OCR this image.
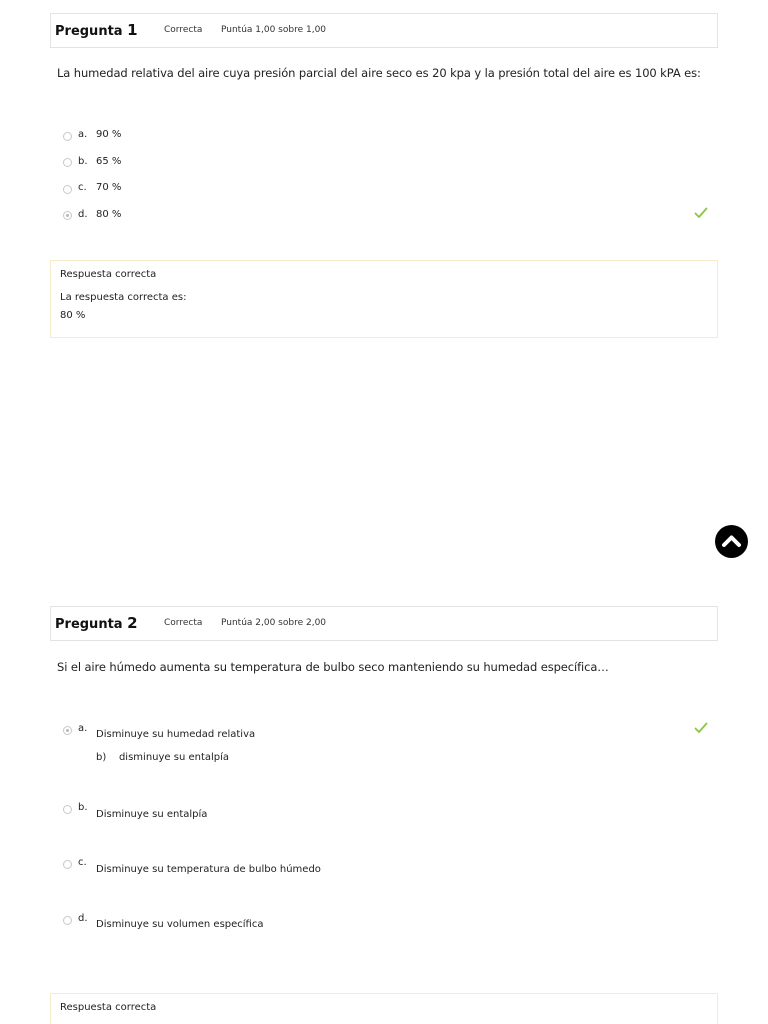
Pregunta 1	Correcta Puntúa 1,00 sobre 1,00
La humedad relativa del aire cuya presión parcial del aire seco es 20 kpa y la presión total del aire es 100 kPA es:
a. 90 %
b. 65 %
c. 70 %
d. 80 %
Respuesta correcta
La respuesta correcta es:
80 %
Pregunta 2	Correcta Puntúa 2,00 sobre 2,00
Si el aire húmedo aumenta su temperatura de bulbo seco manteniendo su humedad específica…
a.
Disminuye su humedad relativa
b)    disminuye su entalpía
b.
Disminuye su entalpía
c.
Disminuye su temperatura de bulbo húmedo
d.
Disminuye su volumen específica
Respuesta correcta
